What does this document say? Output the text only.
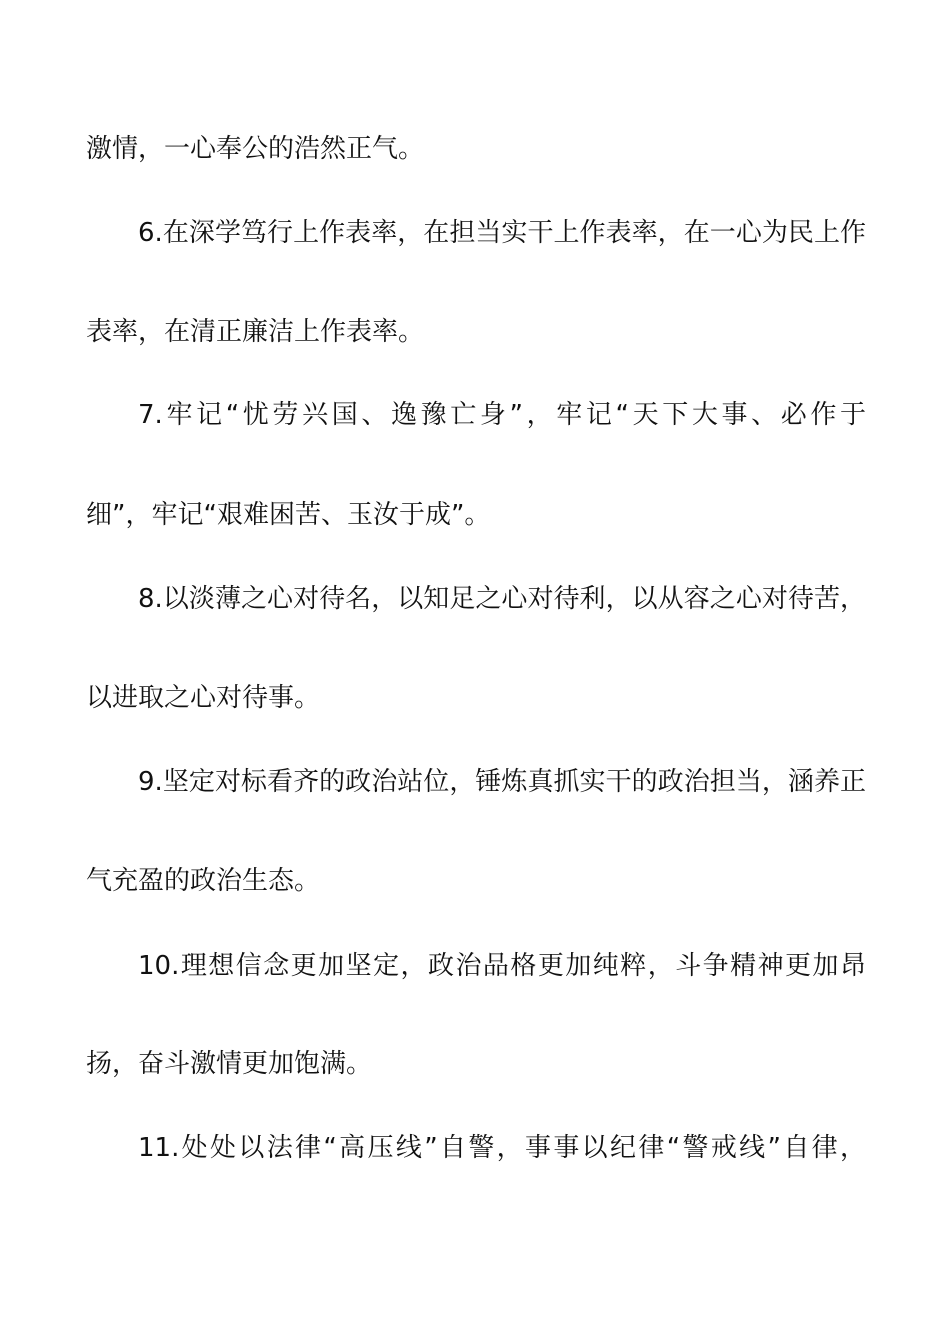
激情，一心奉公的浩然正气。
6.在深学笃行上作表率，在担当实干上作表率，在一心为民上作
表率，在清正廉洁上作表率。
7.牢记“忧劳兴国、逸豫亡身”，牢记“天下大事、必作于
细”，牢记“艰难困苦、玉汝于成”。
8.以淡薄之心对待名，以知足之心对待利，以从容之心对待苦，
以进取之心对待事。
9.坚定对标看齐的政治站位，锤炼真抓实干的政治担当，涵养正
气充盈的政治生态。
10.理想信念更加坚定，政治品格更加纯粹，斗争精神更加昂
扬，奋斗激情更加饱满。
11.处处以法律“高压线”自警，事事以纪律“警戒线”自律，
